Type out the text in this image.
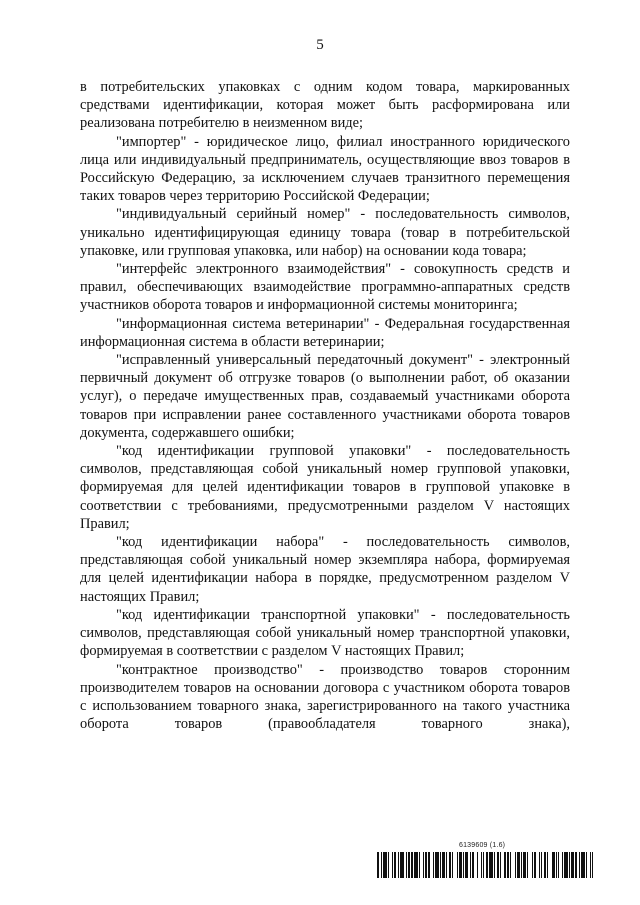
5

в потребительских упаковках с одним кодом товара, маркированных средствами идентификации, которая может быть расформирована или реализована потребителю в неизменном виде;

"импортер" - юридическое лицо, филиал иностранного юридического лица или индивидуальный предприниматель, осуществляющие ввоз товаров в Российскую Федерацию, за исключением случаев транзитного перемещения таких товаров через территорию Российской Федерации;

"индивидуальный серийный номер" - последовательность символов, уникально идентифицирующая единицу товара (товар в потребительской упаковке, или групповая упаковка, или набор) на основании кода товара;

"интерфейс электронного взаимодействия" - совокупность средств и правил, обеспечивающих взаимодействие программно-аппаратных средств участников оборота товаров и информационной системы мониторинга;

"информационная система ветеринарии" - Федеральная государственная информационная система в области ветеринарии;

"исправленный универсальный передаточный документ" - электронный первичный документ об отгрузке товаров (о выполнении работ, об оказании услуг), о передаче имущественных прав, создаваемый участниками оборота товаров при исправлении ранее составленного участниками оборота товаров документа, содержавшего ошибки;

"код идентификации групповой упаковки" - последовательность символов, представляющая собой уникальный номер групповой упаковки, формируемая для целей идентификации товаров в групповой упаковке в соответствии с требованиями, предусмотренными разделом V настоящих Правил;

"код идентификации набора" - последовательность символов, представляющая собой уникальный номер экземпляра набора, формируемая для целей идентификации набора в порядке, предусмотренном разделом V настоящих Правил;

"код идентификации транспортной упаковки" - последовательность символов, представляющая собой уникальный номер транспортной упаковки, формируемая в соответствии с разделом V настоящих Правил;

"контрактное производство" - производство товаров сторонним производителем товаров на основании договора с участником оборота товаров с использованием товарного знака, зарегистрированного на такого участника оборота товаров (правообладателя товарного знака),

6139609 (1.6)
